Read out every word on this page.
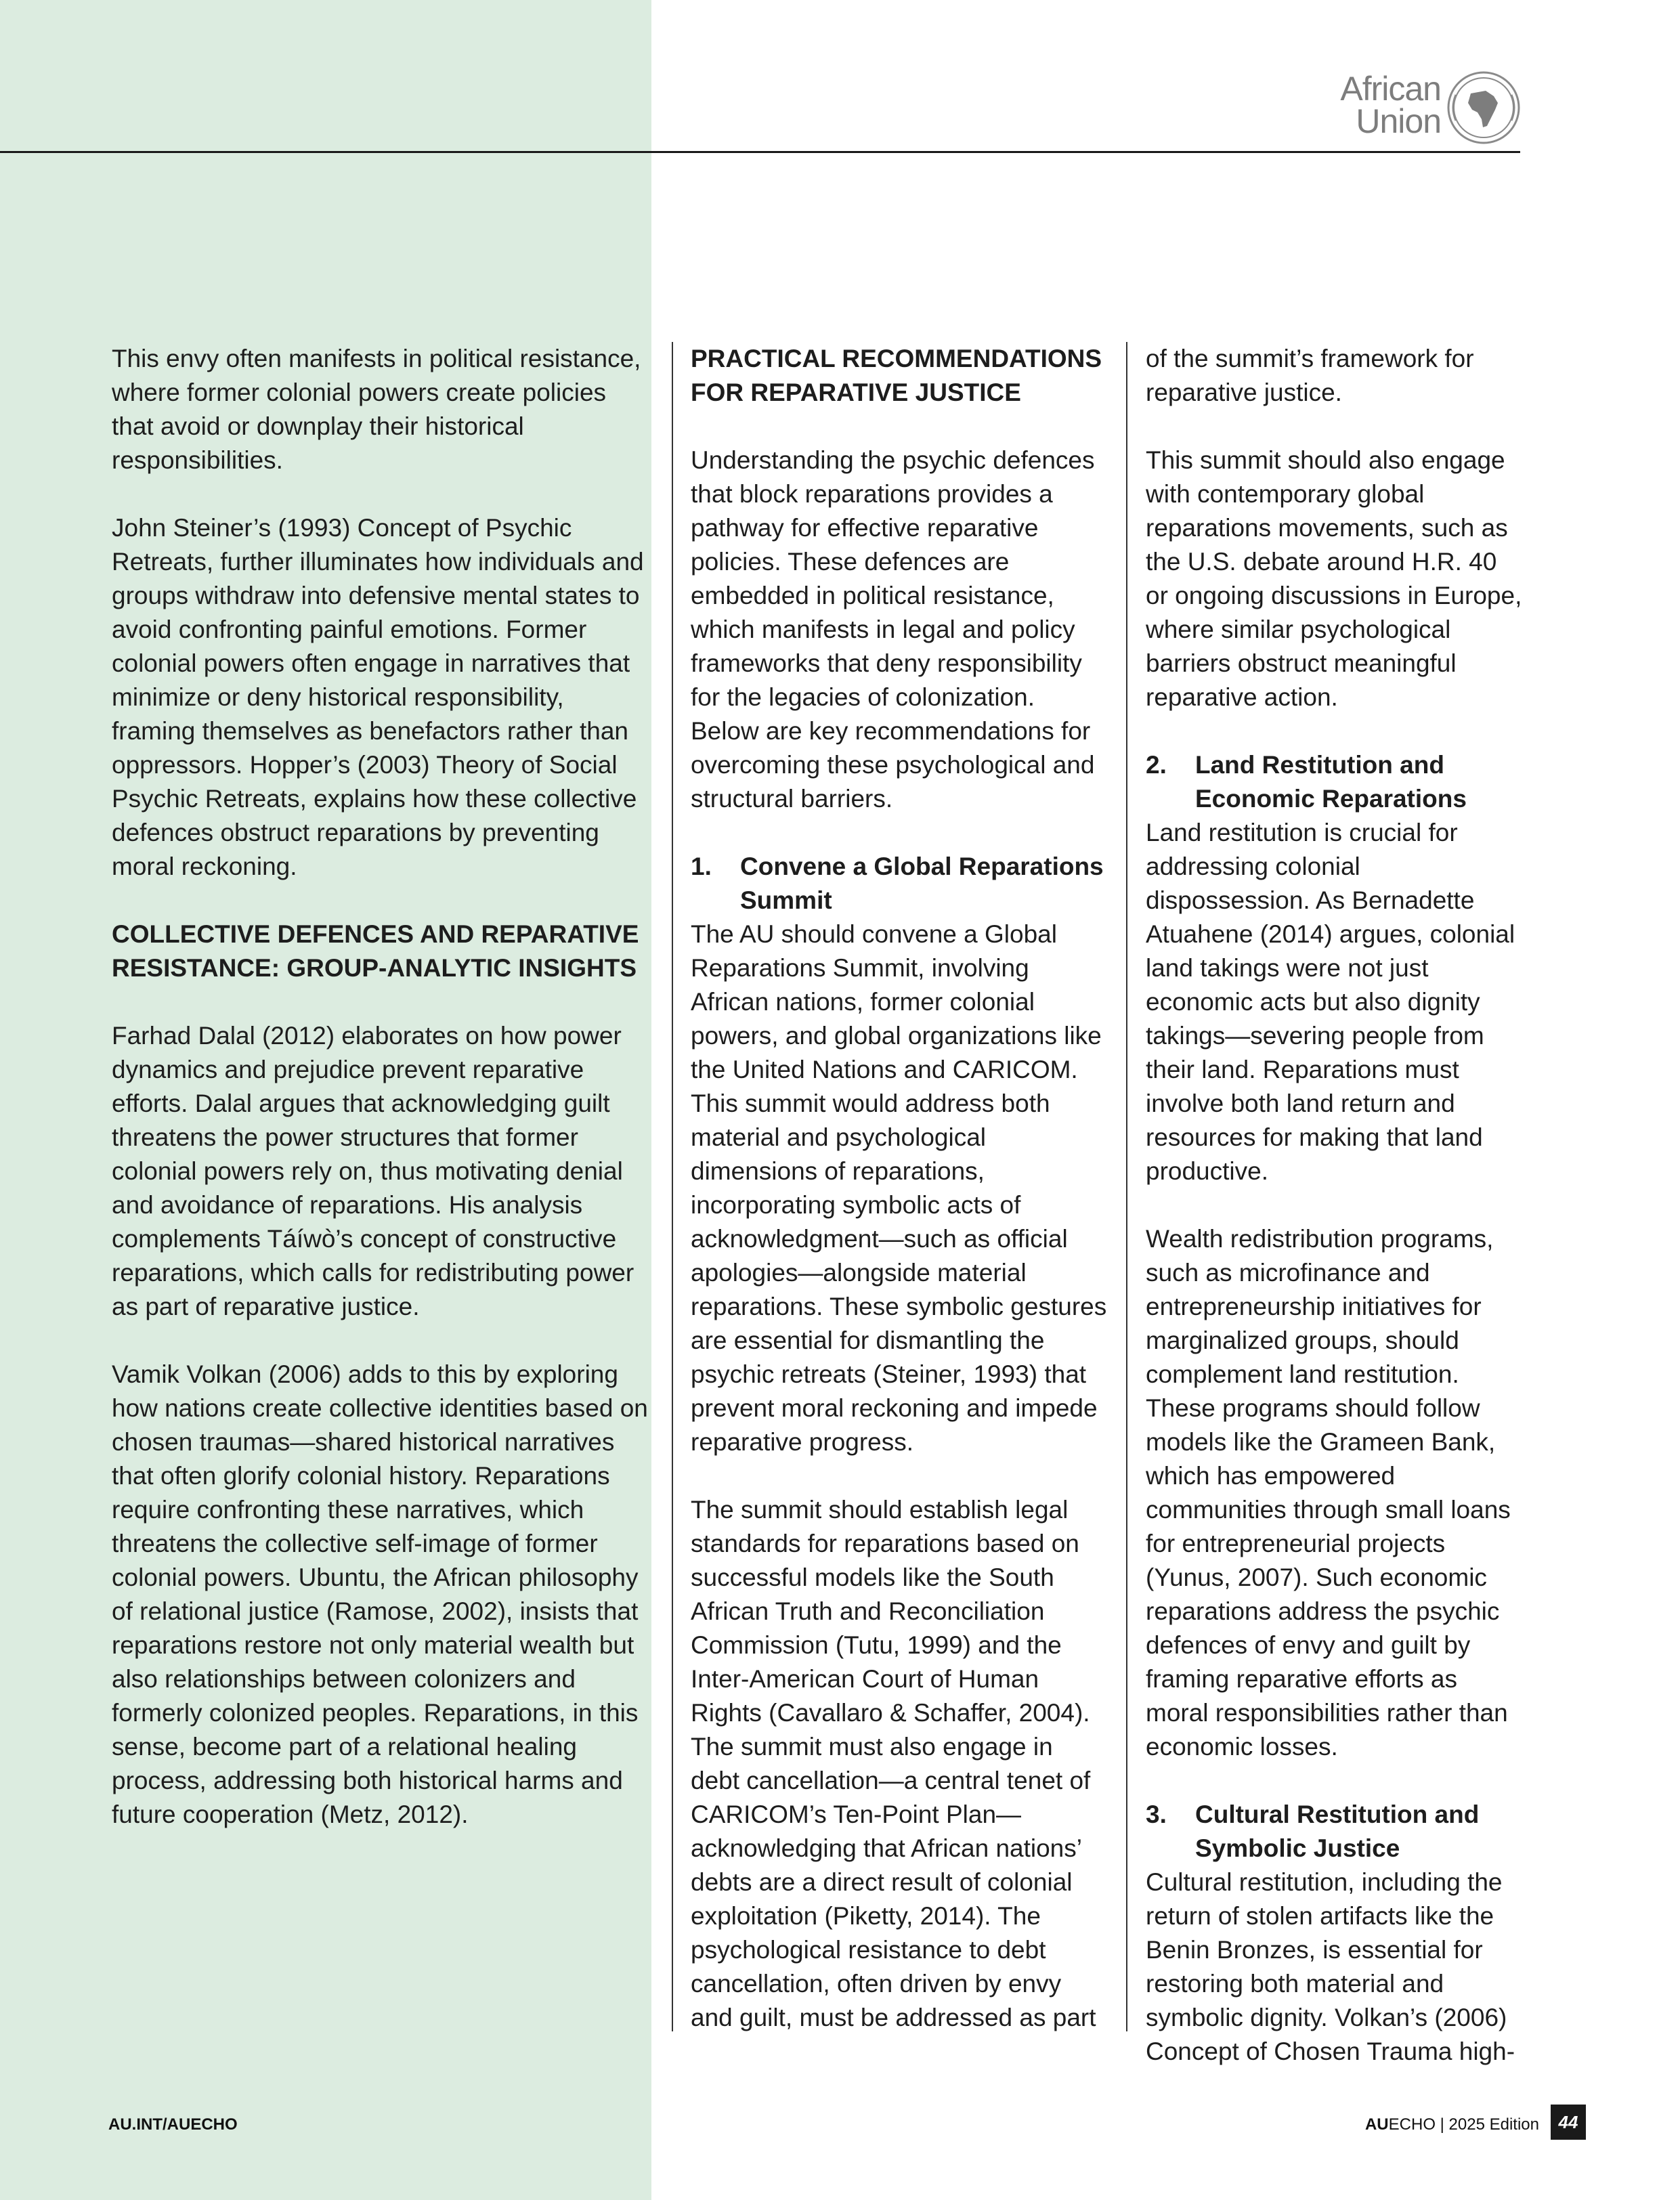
African
Union

This envy often manifests in political resistance, where former colonial powers create policies that avoid or downplay their historical responsibilities.

John Steiner’s (1993) Concept of Psychic Retreats, further illuminates how individuals and groups withdraw into defensive mental states to avoid confronting painful emotions. Former colonial powers often engage in narratives that minimize or deny historical responsibility, framing themselves as benefactors rather than oppressors. Hopper’s (2003) Theory of Social Psychic Retreats, explains how these collective defences obstruct reparations by preventing moral reckoning.

COLLECTIVE DEFENCES AND REPARATIVE RESISTANCE: GROUP-ANALYTIC INSIGHTS

Farhad Dalal (2012) elaborates on how power dynamics and prejudice prevent reparative efforts. Dalal argues that acknowledging guilt threatens the power structures that former colonial powers rely on, thus motivating denial and avoidance of reparations. His analysis complements Táíwò’s concept of constructive reparations, which calls for redistributing power as part of reparative justice.

Vamik Volkan (2006) adds to this by exploring how nations create collective identities based on chosen traumas—shared historical narratives that often glorify colonial history. Reparations require confronting these narratives, which threatens the collective self-image of former colonial powers. Ubuntu, the African philosophy of relational justice (Ramose, 2002), insists that reparations restore not only material wealth but also relationships between colonizers and formerly colonized peoples. Reparations, in this sense, become part of a relational healing process, addressing both historical harms and future cooperation (Metz, 2012).

PRACTICAL RECOMMENDATIONS FOR REPARATIVE JUSTICE

Understanding the psychic defences that block reparations provides a pathway for effective reparative policies. These defences are embedded in political resistance, which manifests in legal and policy frameworks that deny responsibility for the legacies of colonization. Below are key recommendations for overcoming these psychological and structural barriers.

1. Convene a Global Reparations Summit

The AU should convene a Global Reparations Summit, involving African nations, former colonial powers, and global organizations like the United Nations and CARICOM. This summit would address both material and psychological dimensions of reparations, incorporating symbolic acts of acknowledgment—such as official apologies—alongside material reparations. These symbolic gestures are essential for dismantling the psychic retreats (Steiner, 1993) that prevent moral reckoning and impede reparative progress.

The summit should establish legal standards for reparations based on successful models like the South African Truth and Reconciliation Commission (Tutu, 1999) and the Inter-American Court of Human Rights (Cavallaro & Schaffer, 2004). The summit must also engage in debt cancellation—a central tenet of CARICOM’s Ten-Point Plan—acknowledging that African nations’ debts are a direct result of colonial exploitation (Piketty, 2014). The psychological resistance to debt cancellation, often driven by envy and guilt, must be addressed as part

of the summit’s framework for reparative justice.

This summit should also engage with contemporary global reparations movements, such as the U.S. debate around H.R. 40 or ongoing discussions in Europe, where similar psychological barriers obstruct meaningful reparative action.

2. Land Restitution and Economic Reparations

Land restitution is crucial for addressing colonial dispossession. As Bernadette Atuahene (2014) argues, colonial land takings were not just economic acts but also dignity takings—severing people from their land. Reparations must involve both land return and resources for making that land productive.

Wealth redistribution programs, such as microfinance and entrepreneurship initiatives for marginalized groups, should complement land restitution. These programs should follow models like the Grameen Bank, which has empowered communities through small loans for entrepreneurial projects (Yunus, 2007). Such economic reparations address the psychic defences of envy and guilt by framing reparative efforts as moral responsibilities rather than economic losses.

3. Cultural Restitution and Symbolic Justice

Cultural restitution, including the return of stolen artifacts like the Benin Bronzes, is essential for restoring both material and symbolic dignity. Volkan’s (2006) Concept of Chosen Trauma high-

AU.INT/AUECHO	AUECHO | 2025 Edition	44
